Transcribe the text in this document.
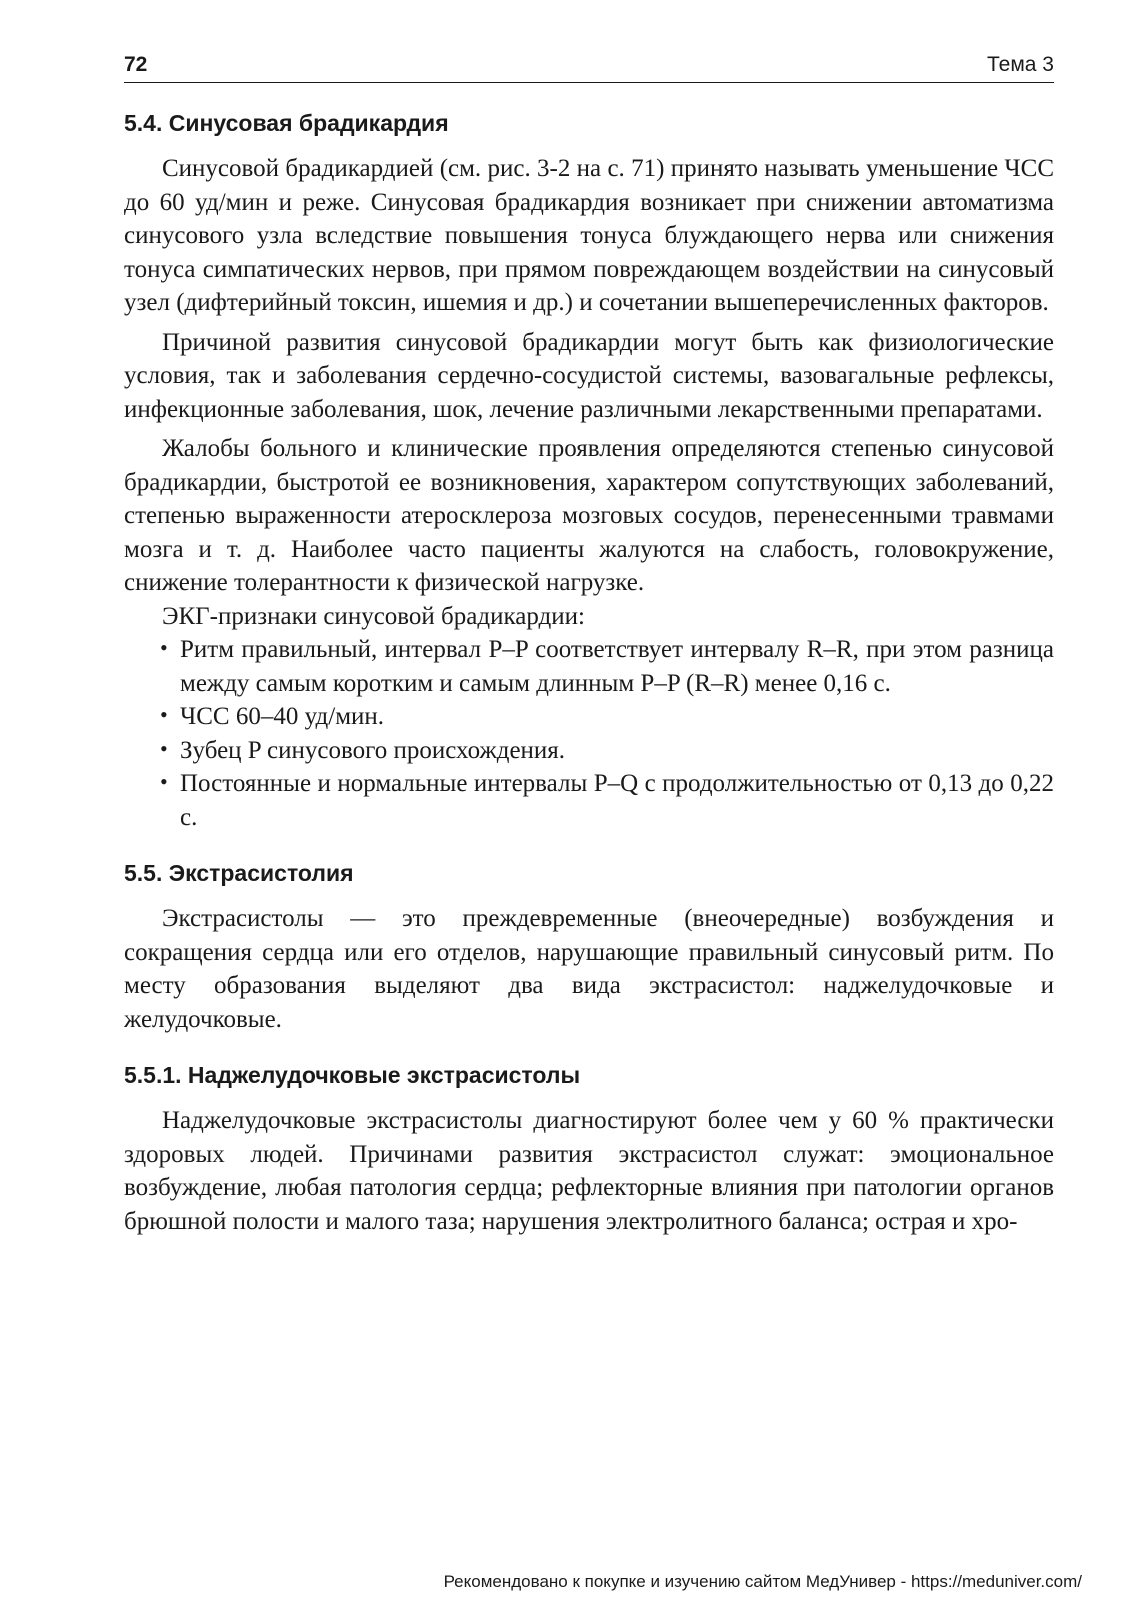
72	Тема 3
5.4. Синусовая брадикардия

Синусовой брадикардией (см. рис. 3-2 на с. 71) принято называть уменьшение ЧСС до 60 уд/мин и реже. Синусовая брадикардия возникает при снижении автоматизма синусового узла вследствие повышения тонуса блуждающего нерва или снижения тонуса симпатических нервов, при прямом повреждающем воздействии на синусовый узел (дифтерийный токсин, ишемия и др.) и сочетании вышеперечисленных факторов.

Причиной развития синусовой брадикардии могут быть как физиологические условия, так и заболевания сердечно-сосудистой системы, вазовагальные рефлексы, инфекционные заболевания, шок, лечение различными лекарственными препаратами.

Жалобы больного и клинические проявления определяются степенью синусовой брадикардии, быстротой ее возникновения, характером сопутствующих заболеваний, степенью выраженности атеросклероза мозговых сосудов, перенесенными травмами мозга и т. д. Наиболее часто пациенты жалуются на слабость, головокружение, снижение толерантности к физической нагрузке.

ЭКГ-признаки синусовой брадикардии:

• Ритм правильный, интервал P–P соответствует интервалу R–R, при этом разница между самым коротким и самым длинным P–P (R–R) менее 0,16 с.
• ЧСС 60–40 уд/мин.
• Зубец P синусового происхождения.
• Постоянные и нормальные интервалы P–Q с продолжительностью от 0,13 до 0,22 с.
5.5. Экстрасистолия

Экстрасистолы — это преждевременные (внеочередные) возбуждения и сокращения сердца или его отделов, нарушающие правильный синусовый ритм. По месту образования выделяют два вида экстрасистол: наджелудочковые и желудочковые.

5.5.1. Наджелудочковые экстрасистолы

Наджелудочковые экстрасистолы диагностируют более чем у 60 % практически здоровых людей. Причинами развития экстрасистол служат: эмоциональное возбуждение, любая патология сердца; рефлекторные влияния при патологии органов брюшной полости и малого таза; нарушения электролитного баланса; острая и хро-

Рекомендовано к покупке и изучению сайтом МедУнивер - https://meduniver.com/
